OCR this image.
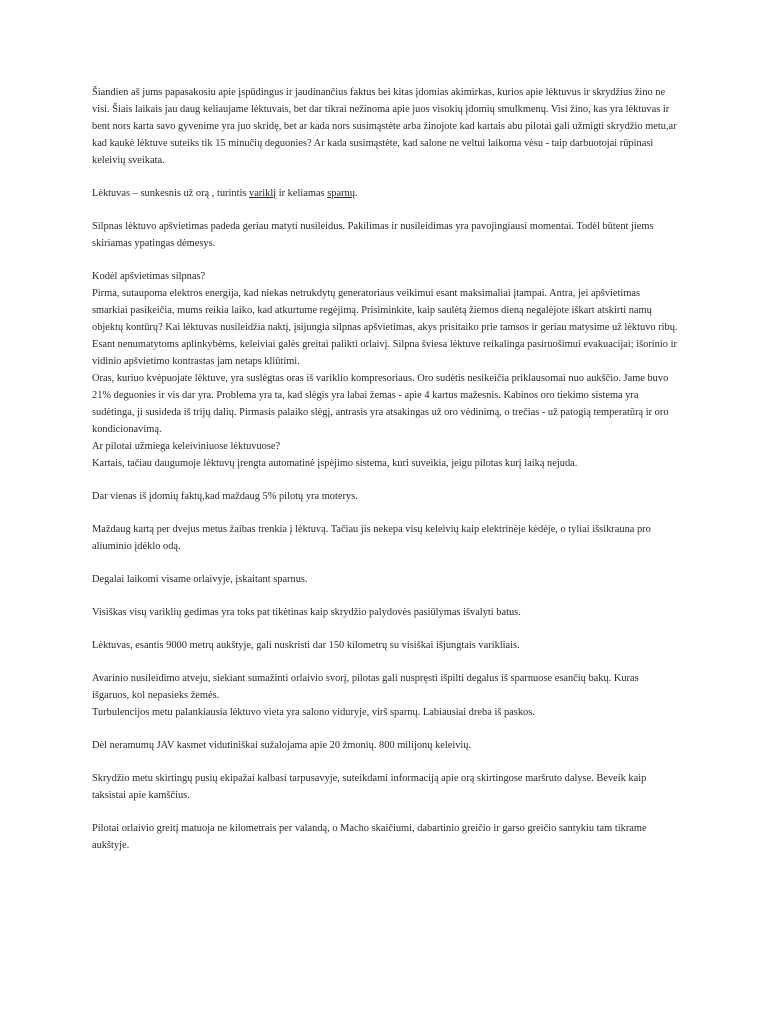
Šiandien aš jums papasakosiu apie įspūdingus ir jaudinančius faktus bei kitas įdomias akimirkas, kurios apie lėktuvus ir skrydžius žino ne visi. Šiais laikais jau daug keliaujame lėktuvais, bet dar tikrai nežinoma apie juos visokių įdomių smulkmenų. Visi žino, kas yra lėktuvas ir bent nors karta savo gyvenime yra juo skridę, bet ar kada nors susimąstėte arba žinojote kad kartais abu pilotai gali užmigti skrydžio metu,ar kad kaukė lėktuve suteiks tik 15 minučių deguonies? Ar kada susimąstėte, kad salone ne veltui laikoma vėsu - taip darbuotojai rūpinasi keleivių sveikata.

Lėktuvas – sunkesnis už orą , turintis variklį ir keliamas sparnų.

Silpnas lėktuvo apšvietimas padeda geriau matyti nusileidus. Pakilimas ir nusileidimas yra pavojingiausi momentai. Todėl būtent jiems skiriamas ypatingas dėmesys.

Kodėl apšvietimas silpnas?

Pirma, sutaupoma elektros energija, kad niekas netrukdytų generatoriaus veikimui esant maksimaliai įtampai. Antra, jei apšvietimas smarkiai pasikeičia, mums reikia laiko, kad atkurtume regėjimą. Prisiminkite, kaip saulėtą žiemos dieną negalėjote iškart atskirti namų objektų kontūrų? Kai lėktuvas nusileidžia naktį, įsijungia silpnas apšvietimas, akys prisitaiko prie tamsos ir geriau matysime už lėktuvo ribų. Esant nenumatytoms aplinkybėms, keleiviai galės greitai palikti orlaivį. Silpna šviesa lėktuve reikalinga pasiruošimui evakuacijai; išorinio ir vidinio apšvietimo kontrastas jam netaps kliūtimi.

Oras, kuriuo kvėpuojate lėktuve, yra suslėgtas oras iš variklio kompresoriaus. Oro sudėtis nesikeičia priklausomai nuo aukščio. Jame buvo 21% deguonies ir vis dar yra. Problema yra ta, kad slėgis yra labai žemas - apie 4 kartus mažesnis. Kabinos oro tiekimo sistema yra sudėtinga, ji susideda iš trijų dalių. Pirmasis palaiko slėgį, antrasis yra atsakingas už oro vėdinimą, o trečias - už patogią temperatūrą ir oro kondicionavimą.

Ar pilotai užmiega keleiviniuose lėktuvuose?

Kartais, tačiau daugumoje lėktuvų įrengta automatinė įspėjimo sistema, kuri suveikia, jeigu pilotas kurį laiką nejuda.

Dar vienas iš įdomių faktų,kad maždaug 5% pilotų yra moterys.

Maždaug kartą per dvejus metus žaibas trenkia į lėktuvą. Tačiau jis nekepa visų keleivių kaip elektrinėje kėdėje, o tyliai išsikrauna pro aliuminio įdėklo odą.

Degalai laikomi visame orlaivyje, įskaitant sparnus.

Visiškas visų variklių gedimas yra toks pat tikėtinas kaip skrydžio palydovės pasiūlymas išvalyti batus.

Lėktuvas, esantis 9000 metrų aukštyje, gali nuskristi dar 150 kilometrų su visiškai išjungtais varikliais.

Avarinio nusileidimo atveju, siekiant sumažinti orlaivio svorį, pilotas gali nuspręsti išpilti degalus iš sparnuose esančių bakų. Kuras išgaruos, kol nepasieks žemės.

Turbulencijos metu palankiausia lėktuvo vieta yra salono viduryje, virš sparnų. Labiausiai dreba iš paskos.

Dėl neramumų JAV kasmet vidutiniškai sužalojama apie 20 žmonių. 800 milijonų keleivių.

Skrydžio metu skirtingų pusių ekipažai kalbasi tarpusavyje, suteikdami informaciją apie orą skirtingose maršruto dalyse. Beveik kaip taksistai apie kamščius.

Pilotai orlaivio greitį matuoja ne kilometrais per valandą, o Macho skaičiumi, dabartinio greičio ir garso greičio santykiu tam tikrame aukštyje.
